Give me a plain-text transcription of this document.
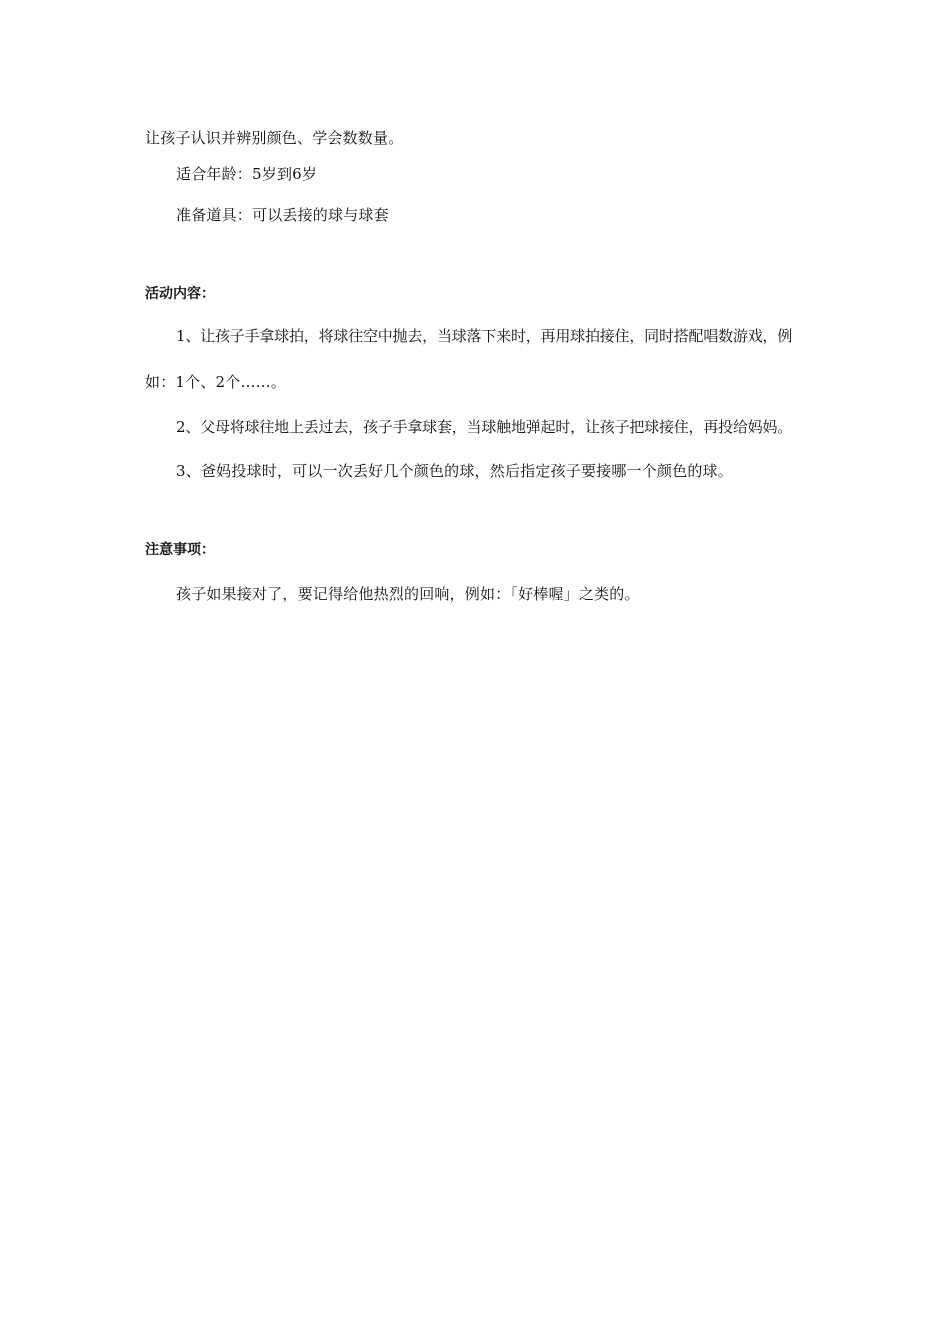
让孩子认识并辨别颜色、学会数数量。
适合年龄：5岁到6岁
准备道具：可以丢接的球与球套
活动内容：
1、让孩子手拿球拍，将球往空中抛去，当球落下来时，再用球拍接住，同时搭配唱数游戏，例
如：1个、2个……。
2、父母将球往地上丢过去，孩子手拿球套，当球触地弹起时，让孩子把球接住，再投给妈妈。
3、爸妈投球时，可以一次丢好几个颜色的球，然后指定孩子要接哪一个颜色的球。
注意事项：
孩子如果接对了，要记得给他热烈的回响，例如：「好棒喔」之类的。
